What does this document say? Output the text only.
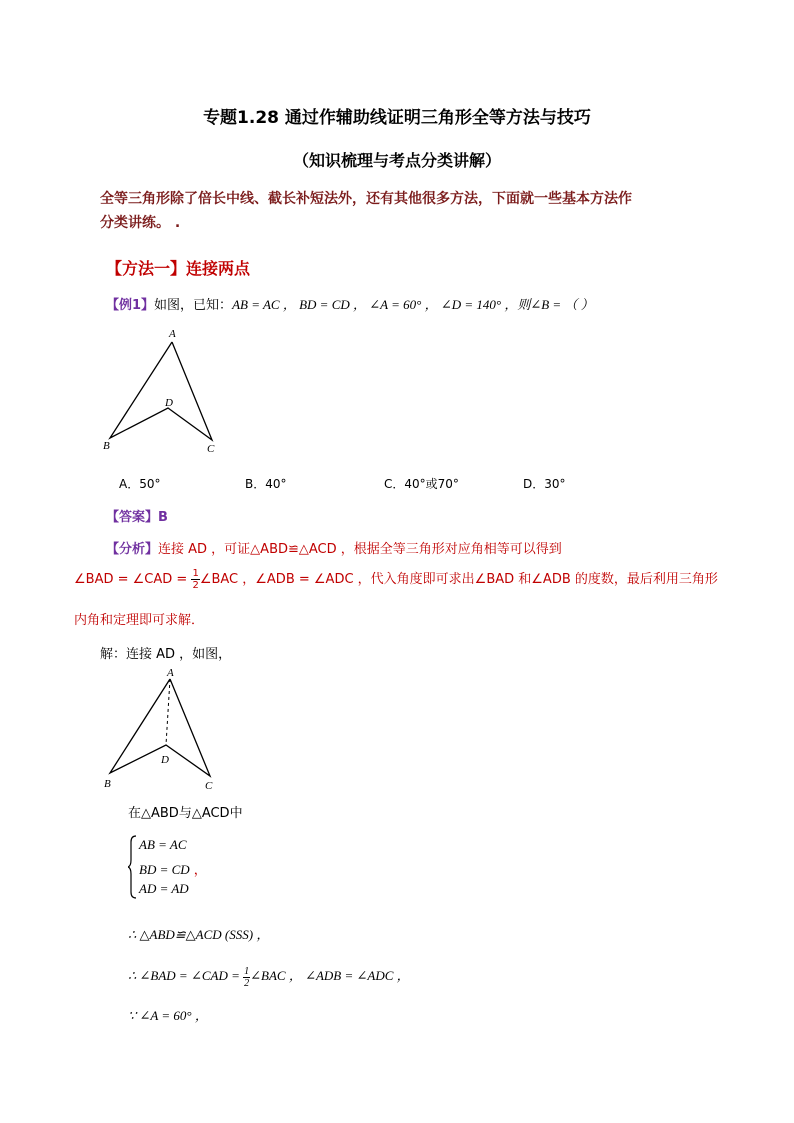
专题1.28 通过作辅助线证明三角形全等方法与技巧
（知识梳理与考点分类讲解）
全等三角形除了倍长中线、截长补短法外，还有其他很多方法，下面就一些基本方法作
分类讲练。 .
【方法一】连接两点
【例1】如图，已知：AB = AC ， BD = CD ， ∠A = 60° ， ∠D = 140° ，则∠B = （ ）
A
B	C
D
A．50°	B．40°	C．40°或70°	D．30°
【答案】B
【分析】连接 AD ，可证△ABD≌△ACD ，根据全等三角形对应角相等可以得到
∠BAD = ∠CAD = $\frac{1}{2}$ ∠BAC ，∠ADB = ∠ADC ，代入角度即可求出∠BAD 和∠ADB 的度数，最后利用三角形
内角和定理即可求解．
解：连接 AD ，如图，
A
B	C
D
在△ABD与△ACD中
AB = AC
BD = CD ，
AD = AD
∴ △ABD≌△ACD (SSS) ，
∴ ∠BAD = ∠CAD = $\frac{1}{2}$ ∠BAC ， ∠ADB = ∠ADC ，
∵ ∠A = 60° ，
